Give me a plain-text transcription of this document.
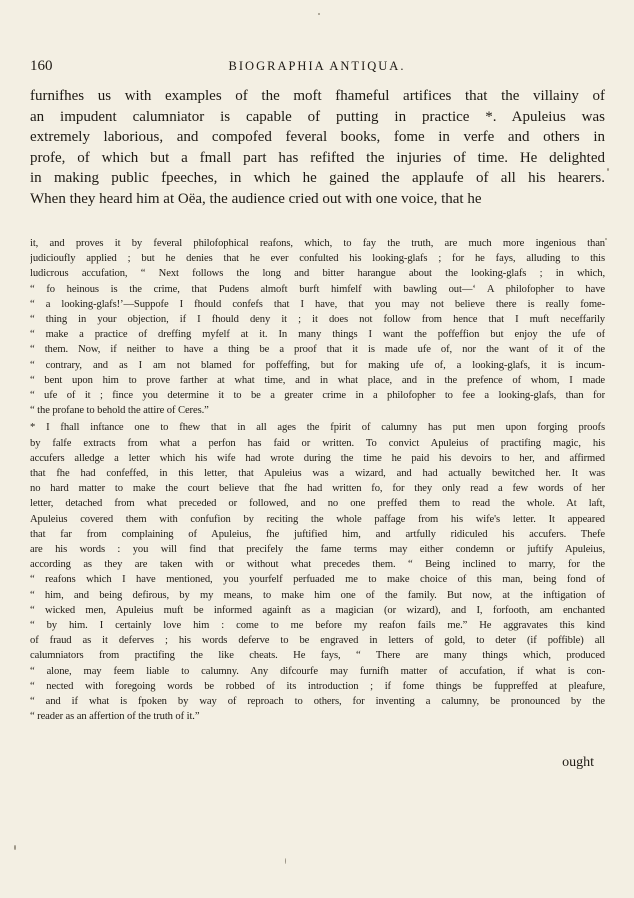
160	BIOGRAPHIA ANTIQUA.
furnifhes us with examples of the moft fhameful artifices that the villainy of
an impudent calumniator is capable of putting in practice *. Apuleius was
extremely laborious, and compofed feveral books, fome in verfe and others in
profe, of which but a fmall part has refifted the injuries of time. He delighted
in making public fpeeches, in which he gained the applaufe of all his hearers.
When they heard him at Oëa, the audience cried out with one voice, that he
it, and proves it by feveral philofophical reafons, which, to fay the truth, are much more ingenious than
judicioufly applied ; but he denies that he ever confulted his looking-glafs ; for he fays, alluding to this
ludicrous accufation, “ Next follows the long and bitter harangue about the looking-glafs ; in which,
“ fo heinous is the crime, that Pudens almoft burft himfelf with bawling out—‘ A philofopher to have
“ a looking-glafs!’—Suppofe I fhould confefs that I have, that you may not believe there is really fome-
“ thing in your objection, if I fhould deny it ; it does not follow from hence that I muft neceffarily
“ make a practice of dreffing myfelf at it. In many things I want the poffeffion but enjoy the ufe of
“ them. Now, if neither to have a thing be a proof that it is made ufe of, nor the want of it of the
“ contrary, and as I am not blamed for poffeffing, but for making ufe of, a looking-glafs, it is incum-
“ bent upon him to prove farther at what time, and in what place, and in the prefence of whom, I made
“ ufe of it ; fince you determine it to be a greater crime in a philofopher to fee a looking-glafs, than for
“ the profane to behold the attire of Ceres.”
* I fhall inftance one to fhew that in all ages the fpirit of calumny has put men upon forging proofs
by falfe extracts from what a perfon has faid or written. To convict Apuleius of practifing magic, his
accufers alledge a letter which his wife had wrote during the time he paid his devoirs to her, and affirmed
that fhe had confeffed, in this letter, that Apuleius was a wizard, and had actually bewitched her. It was
no hard matter to make the court believe that fhe had written fo, for they only read a few words of her
letter, detached from what preceded or followed, and no one preffed them to read the whole. At laft,
Apuleius covered them with confufion by reciting the whole paffage from his wife's letter. It appeared
that far from complaining of Apuleius, fhe juftified him, and artfully ridiculed his accufers. Thefe
are his words : you will find that precifely the fame terms may either condemn or juftify Apuleius,
according as they are taken with or without what precedes them. “ Being inclined to marry, for the
“ reafons which I have mentioned, you yourfelf perfuaded me to make choice of this man, being fond of
“ him, and being defirous, by my means, to make him one of the family. But now, at the inftigation of
“ wicked men, Apuleius muft be informed againft as a magician (or wizard), and I, forfooth, am enchanted
“ by him. I certainly love him : come to me before my reafon fails me.” He aggravates this kind
of fraud as it deferves ; his words deferve to be engraved in letters of gold, to deter (if poffible) all
calumniators from practifing the like cheats. He fays, “ There are many things which, produced
“ alone, may feem liable to calumny. Any difcourfe may furnifh matter of accufation, if what is con-
“ nected with foregoing words be robbed of its introduction ; if fome things be fuppreffed at pleafure,
“ and if what is fpoken by way of reproach to others, for inventing a calumny, be pronounced by the
“ reader as an affertion of the truth of it.”
ought
